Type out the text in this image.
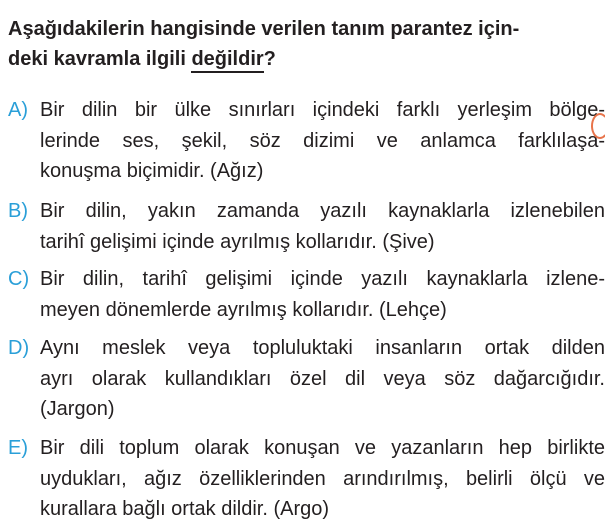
Aşağıdakilerin hangisinde verilen tanım parantez için-
deki kavramla ilgili değildir?
A) Bir dilin bir ülke sınırları içindeki farklı yerleşim bölge-
lerinde ses, şekil, söz dizimi ve anlamca farklılaşa-
konuşma biçimidir. (Ağız)
B) Bir dilin, yakın zamanda yazılı kaynaklarla izlenebilen
tarihî gelişimi içinde ayrılmış kollarıdır. (Şive)
C) Bir dilin, tarihî gelişimi içinde yazılı kaynaklarla izlene-
meyen dönemlerde ayrılmış kollarıdır. (Lehçe)
D) Aynı meslek veya topluluktaki insanların ortak dilden
ayrı olarak kullandıkları özel dil veya söz dağarcığıdır.
(Jargon)
E) Bir dili toplum olarak konuşan ve yazanların hep birlikte
uydukları, ağız özelliklerinden arındırılmış, belirli ölçü ve
kurallara bağlı ortak dildir. (Argo)
